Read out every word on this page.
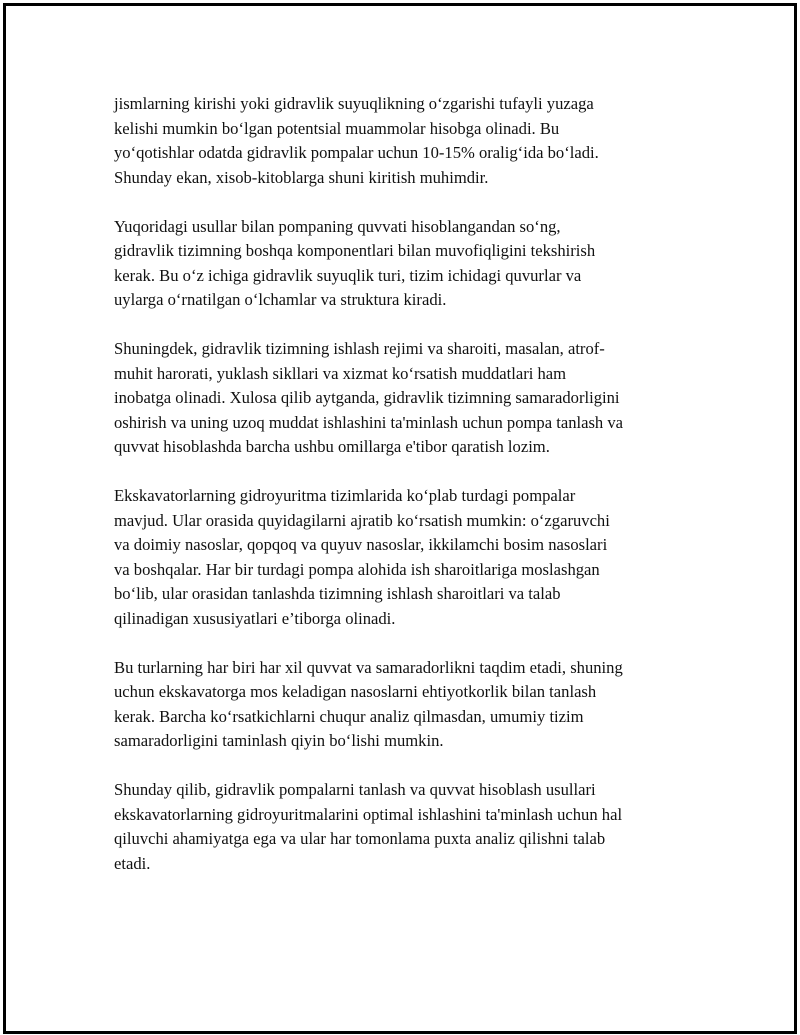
jismlarning kirishi yoki gidravlik suyuqlikning o‘zgarishi tufayli yuzaga
kelishi mumkin bo‘lgan potentsial muammolar hisobga olinadi. Bu
yo‘qotishlar odatda gidravlik pompalar uchun 10-15% oralig‘ida bo‘ladi.
Shunday ekan, xisob-kitoblarga shuni kiritish muhimdir.

Yuqoridagi usullar bilan pompaning quvvati hisoblangandan so‘ng,
gidravlik tizimning boshqa komponentlari bilan muvofiqligini tekshirish
kerak. Bu o‘z ichiga gidravlik suyuqlik turi, tizim ichidagi quvurlar va
uylarga o‘rnatilgan o‘lchamlar va struktura kiradi.

Shuningdek, gidravlik tizimning ishlash rejimi va sharoiti, masalan, atrof-
muhit harorati, yuklash sikllari va xizmat ko‘rsatish muddatlari ham
inobatga olinadi. Xulosa qilib aytganda, gidravlik tizimning samaradorligini
oshirish va uning uzoq muddat ishlashini ta'minlash uchun pompa tanlash va
quvvat hisoblashda barcha ushbu omillarga e'tibor qaratish lozim.

Ekskavatorlarning gidroyuritma tizimlarida ko‘plab turdagi pompalar
mavjud. Ular orasida quyidagilarni ajratib ko‘rsatish mumkin: o‘zgaruvchi
va doimiy nasoslar, qopqoq va quyuv nasoslar, ikkilamchi bosim nasoslari
va boshqalar. Har bir turdagi pompa alohida ish sharoitlariga moslashgan
bo‘lib, ular orasidan tanlashda tizimning ishlash sharoitlari va talab
qilinadigan xususiyatlari e’tiborga olinadi.

Bu turlarning har biri har xil quvvat va samaradorlikni taqdim etadi, shuning
uchun ekskavatorga mos keladigan nasoslarni ehtiyotkorlik bilan tanlash
kerak. Barcha ko‘rsatkichlarni chuqur analiz qilmasdan, umumiy tizim
samaradorligini taminlash qiyin bo‘lishi mumkin.

Shunday qilib, gidravlik pompalarni tanlash va quvvat hisoblash usullari
ekskavatorlarning gidroyuritmalarini optimal ishlashini ta'minlash uchun hal
qiluvchi ahamiyatga ega va ular har tomonlama puxta analiz qilishni talab
etadi.
